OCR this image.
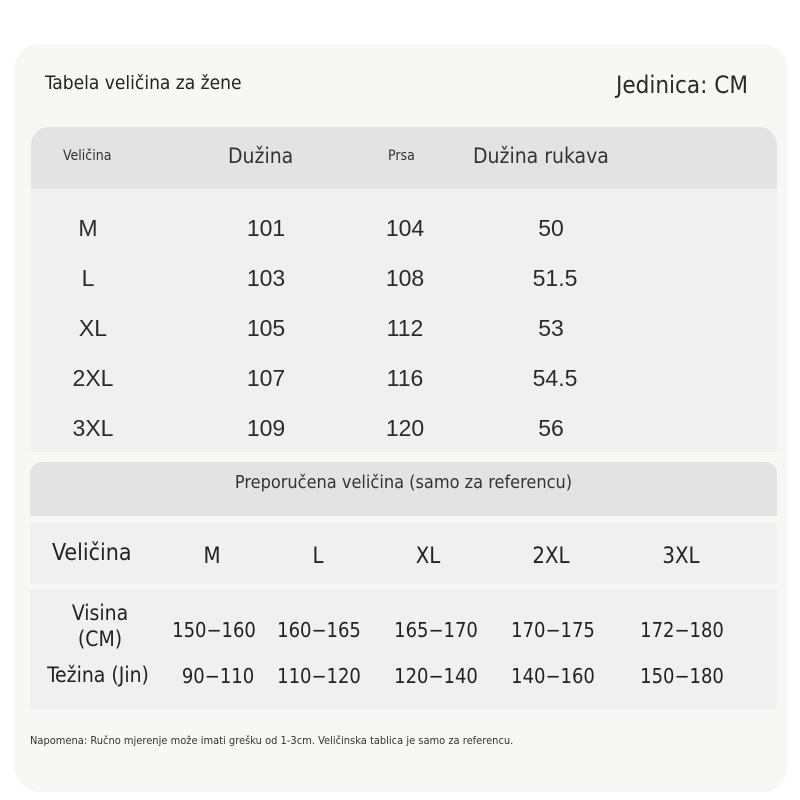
Tabela veličina za žene	Jedinica: CM
Veličina	Dužina	Prsa	Dužina rukava
M	101	104	50
L	103	108	51.5
XL	105	112	53
2XL	107	116	54.5
3XL	109	120	56
Preporučena veličina (samo za referencu)
Veličina	M	L	XL	2XL	3XL
Visina (CM)	150−160 160−165 165−170 170−175 172−180
Težina (Jin)	90−110	110−120 120−140 140−160 150−180
Napomena: Ručno mjerenje može imati grešku od 1-3cm. Veličinska tablica je samo za referencu.
